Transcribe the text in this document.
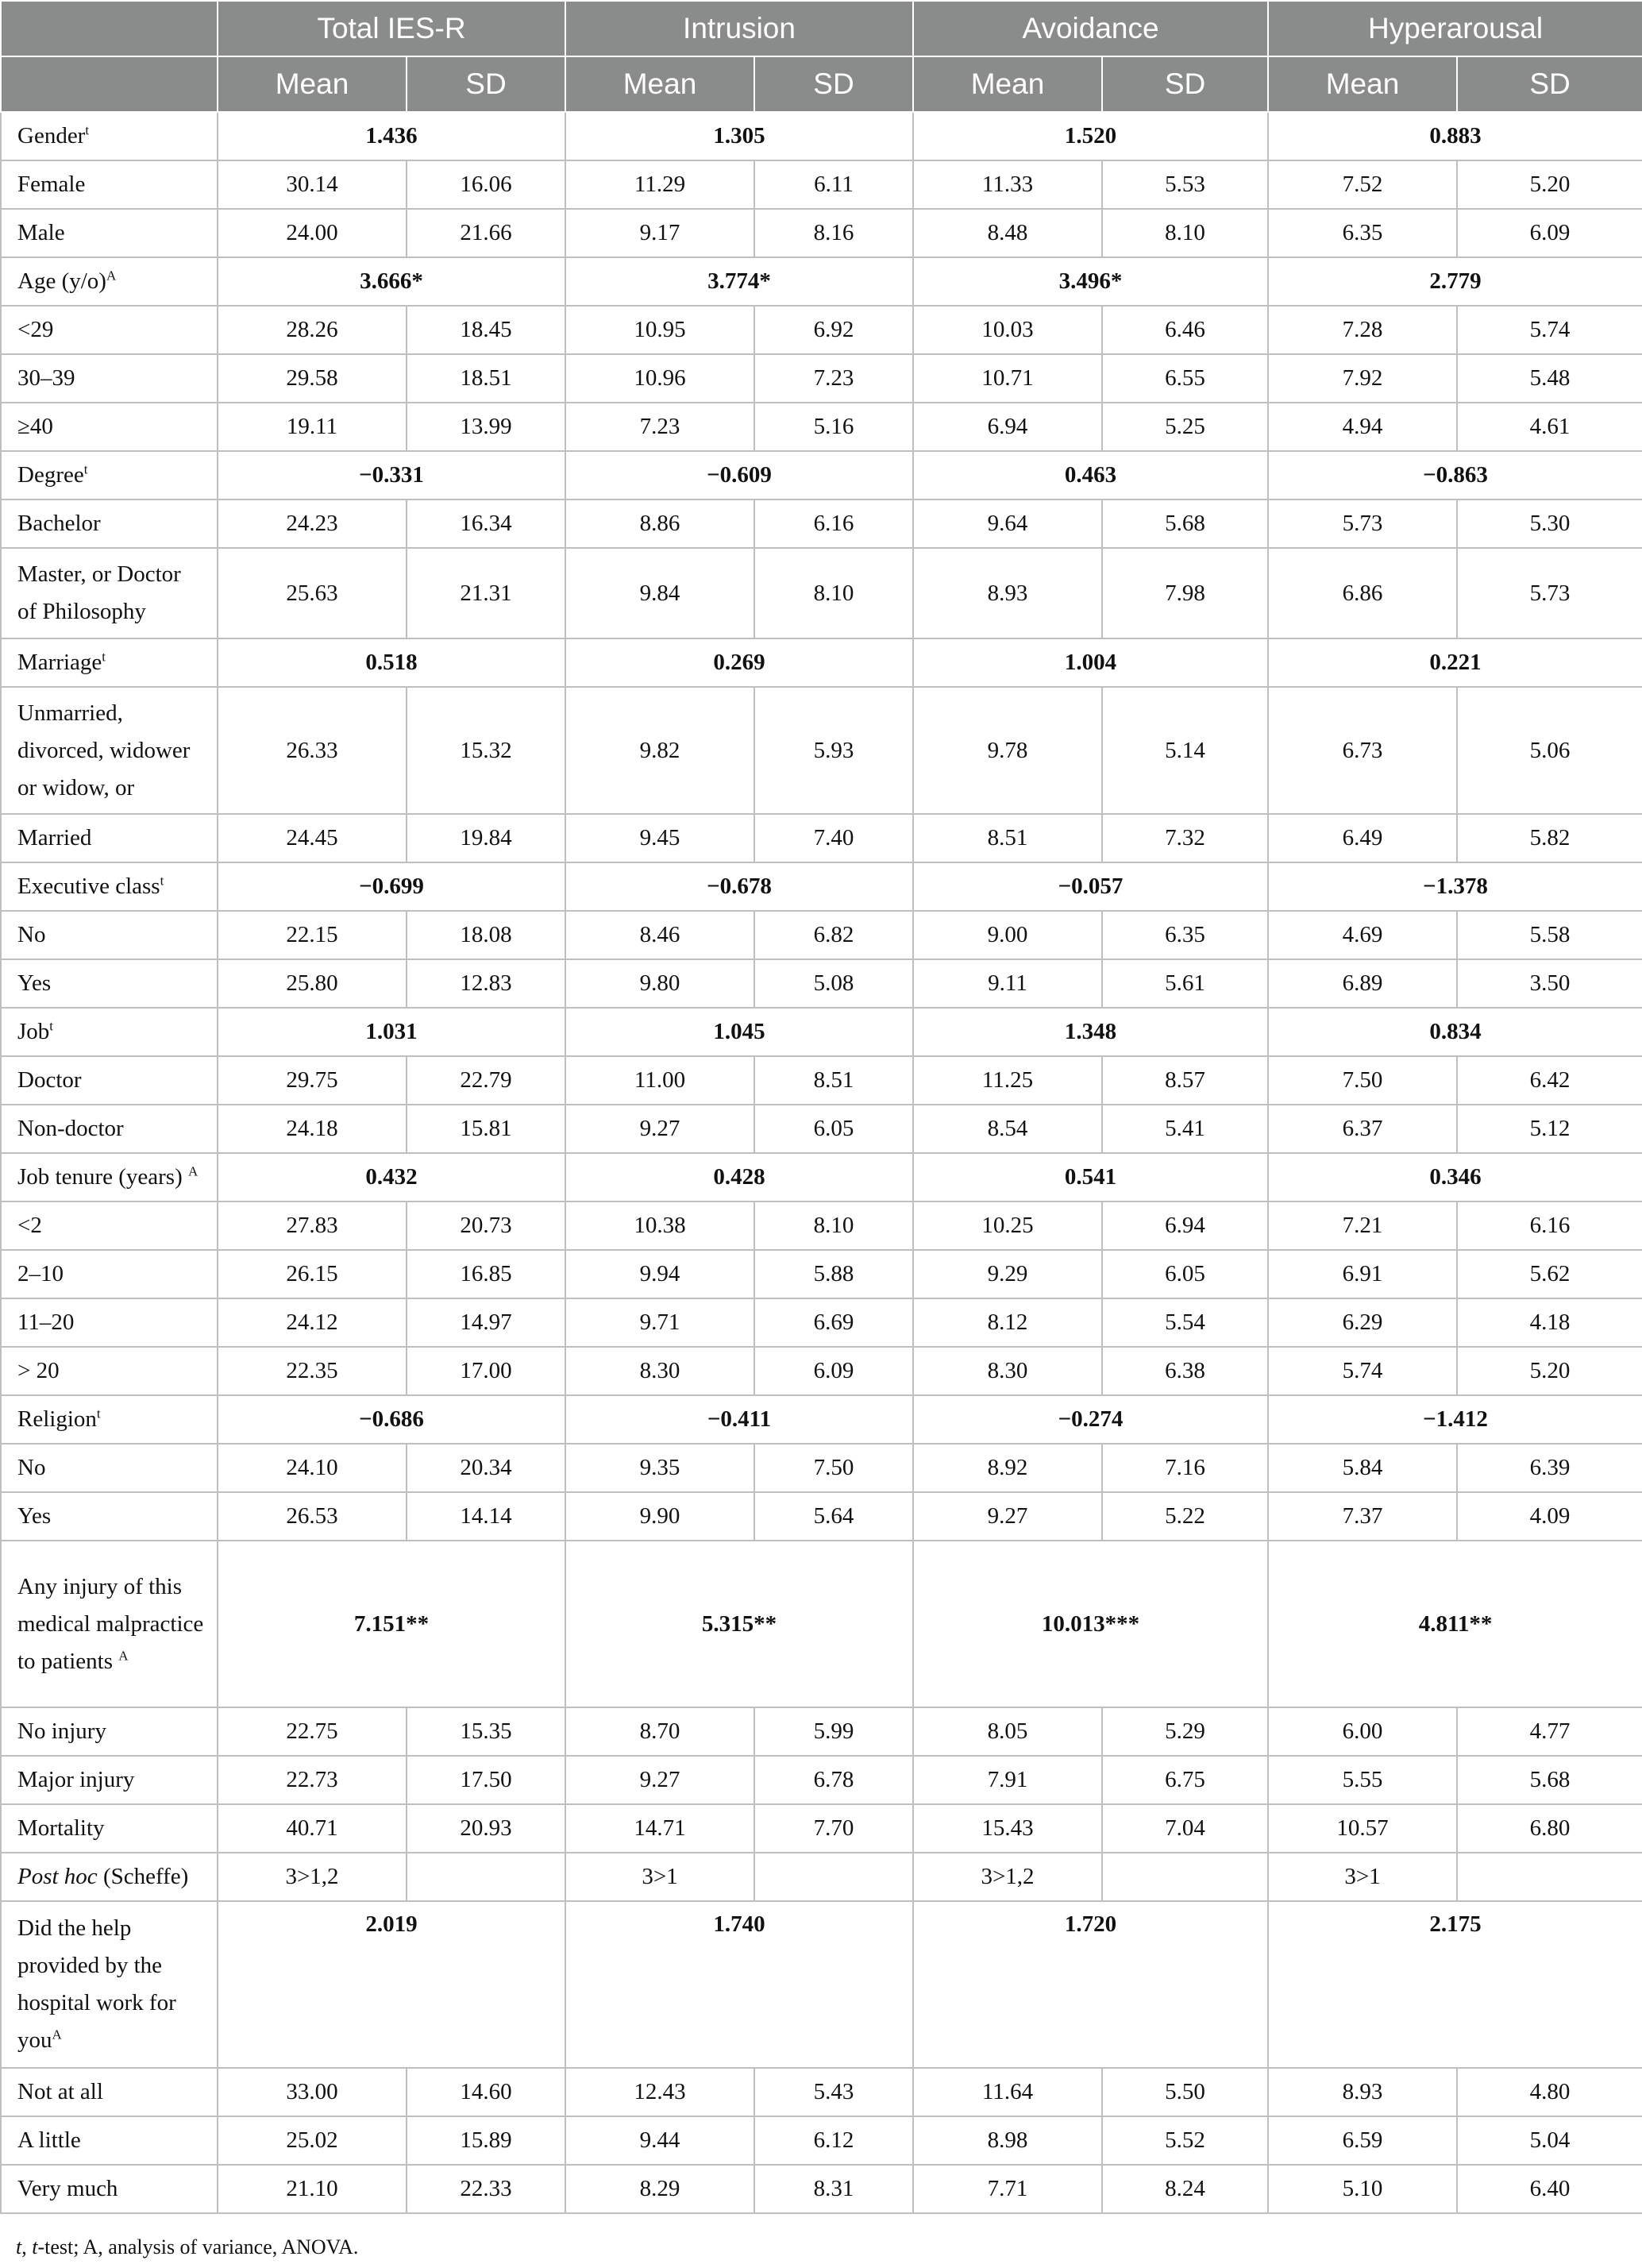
	Total IES-R		Intrusion		Avoidance		Hyperarousal	
	Mean	SD	Mean	SD	Mean	SD	Mean	SD
Gender$^t$	1.436		1.305		1.520		0.883	
Female	30.14	16.06	11.29	6.11	11.33	5.53	7.52	5.20
Male	24.00	21.66	9.17	8.16	8.48	8.10	6.35	6.09
Age $(y/o)^A$	3.666*		3.774*		3.496*		2.779	
<29	28.26	18.45	10.95	6.92	10.03	6.46	7.28	5.74
30–39	29.58	18.51	10.96	7.23	10.71	6.55	7.92	5.48
≥40	19.11	13.99	7.23	5.16	6.94	5.25	4.94	4.61
Degree$^t$	−0.331		−0.609		0.463		−0.863	
Bachelor	24.23	16.34	8.86	6.16	9.64	5.68	5.73	5.30
Master, or Doctor of Philosophy	25.63	21.31	9.84	8.10	8.93	7.98	6.86	5.73
Marriage$^t$	0.518		0.269		1.004		0.221	
Unmarried, divorced, widower or widow, or	26.33	15.32	9.82	5.93	9.78	5.14	6.73	5.06
Married	24.45	19.84	9.45	7.40	8.51	7.32	6.49	5.82
Executive class$^t$	−0.699		−0.678		−0.057		−1.378	
No	22.15	18.08	8.46	6.82	9.00	6.35	4.69	5.58
Yes	25.80	12.83	9.80	5.08	9.11	5.61	6.89	3.50
Job$^t$	1.031		1.045		1.348		0.834	
Doctor	29.75	22.79	11.00	8.51	11.25	8.57	7.50	6.42
Non-doctor	24.18	15.81	9.27	6.05	8.54	5.41	6.37	5.12
Job tenure (years) $^A$	0.432		0.428		0.541		0.346	
<2	27.83	20.73	10.38	8.10	10.25	6.94	7.21	6.16
2–10	26.15	16.85	9.94	5.88	9.29	6.05	6.91	5.62
11–20	24.12	14.97	9.71	6.69	8.12	5.54	6.29	4.18
> 20	22.35	17.00	8.30	6.09	8.30	6.38	5.74	5.20
Religion$^t$	−0.686		−0.411		−0.274		−1.412	
No	24.10	20.34	9.35	7.50	8.92	7.16	5.84	6.39
Yes	26.53	14.14	9.90	5.64	9.27	5.22	7.37	4.09
Any injury of this medical malpractice to patients $^A$	7.151**		5.315**		10.013***		4.811**	
No injury	22.75	15.35	8.70	5.99	8.05	5.29	6.00	4.77
Major injury	22.73	17.50	9.27	6.78	7.91	6.75	5.55	5.68
Mortality	40.71	20.93	14.71	7.70	15.43	7.04	10.57	6.80
Post hoc (Scheffe)	3>1,2		3>1		3>1,2		3>1	
Did the help provided by the hospital work for you$^A$	2.019		1.740		1.720		2.175	
Not at all	33.00	14.60	12.43	5.43	11.64	5.50	8.93	4.80
A little	25.02	15.89	9.44	6.12	8.98	5.52	6.59	5.04
Very much	21.10	22.33	8.29	8.31	7.71	8.24	5.10	6.40
t, t-test; A, analysis of variance, ANOVA.
